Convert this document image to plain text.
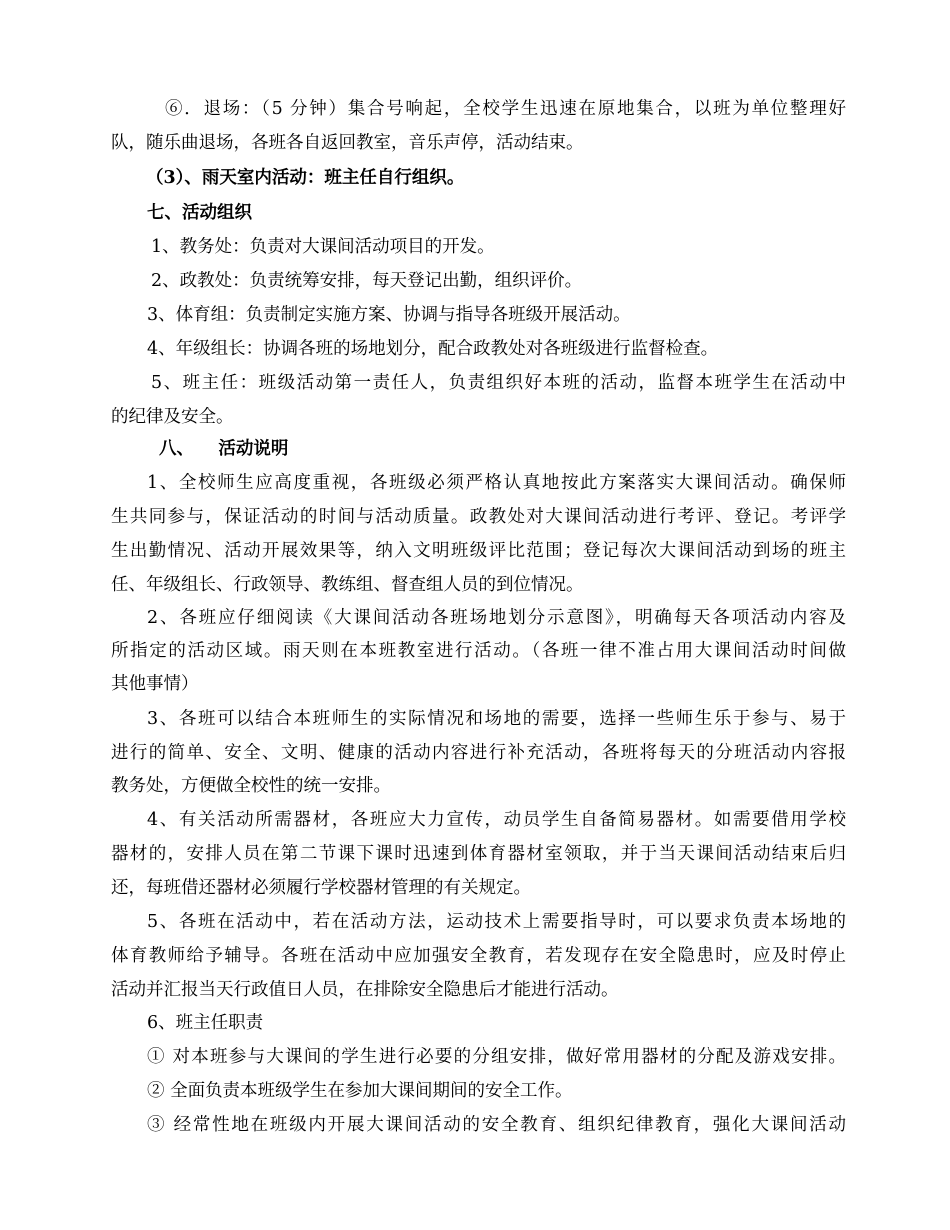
⑥．退场：（5 分钟）集合号响起，全校学生迅速在原地集合，以班为单位整理好
队，随乐曲退场，各班各自返回教室，音乐声停，活动结束。
（3）、雨天室内活动：班主任自行组织。
七、活动组织
1、教务处：负责对大课间活动项目的开发。
2、政教处：负责统筹安排，每天登记出勤，组织评价。
3、体育组：负责制定实施方案、协调与指导各班级开展活动。
4、年级组长：协调各班的场地划分，配合政教处对各班级进行监督检查。
5、班主任：班级活动第一责任人，负责组织好本班的活动，监督本班学生在活动中
的纪律及安全。
八、    活动说明
1、全校师生应高度重视，各班级必须严格认真地按此方案落实大课间活动。确保师
生共同参与，保证活动的时间与活动质量。政教处对大课间活动进行考评、登记。考评学
生出勤情况、活动开展效果等，纳入文明班级评比范围；登记每次大课间活动到场的班主
任、年级组长、行政领导、教练组、督查组人员的到位情况。
2、各班应仔细阅读《大课间活动各班场地划分示意图》，明确每天各项活动内容及
所指定的活动区域。雨天则在本班教室进行活动。（各班一律不准占用大课间活动时间做
其他事情）
3、各班可以结合本班师生的实际情况和场地的需要，选择一些师生乐于参与、易于
进行的简单、安全、文明、健康的活动内容进行补充活动，各班将每天的分班活动内容报
教务处，方便做全校性的统一安排。
4、有关活动所需器材，各班应大力宣传，动员学生自备简易器材。如需要借用学校
器材的，安排人员在第二节课下课时迅速到体育器材室领取，并于当天课间活动结束后归
还，每班借还器材必须履行学校器材管理的有关规定。
5、各班在活动中，若在活动方法，运动技术上需要指导时，可以要求负责本场地的
体育教师给予辅导。各班在活动中应加强安全教育，若发现存在安全隐患时，应及时停止
活动并汇报当天行政值日人员，在排除安全隐患后才能进行活动。
6、班主任职责
① 对本班参与大课间的学生进行必要的分组安排，做好常用器材的分配及游戏安排。
② 全面负责本班级学生在参加大课间期间的安全工作。
③ 经常性地在班级内开展大课间活动的安全教育、组织纪律教育，强化大课间活动
